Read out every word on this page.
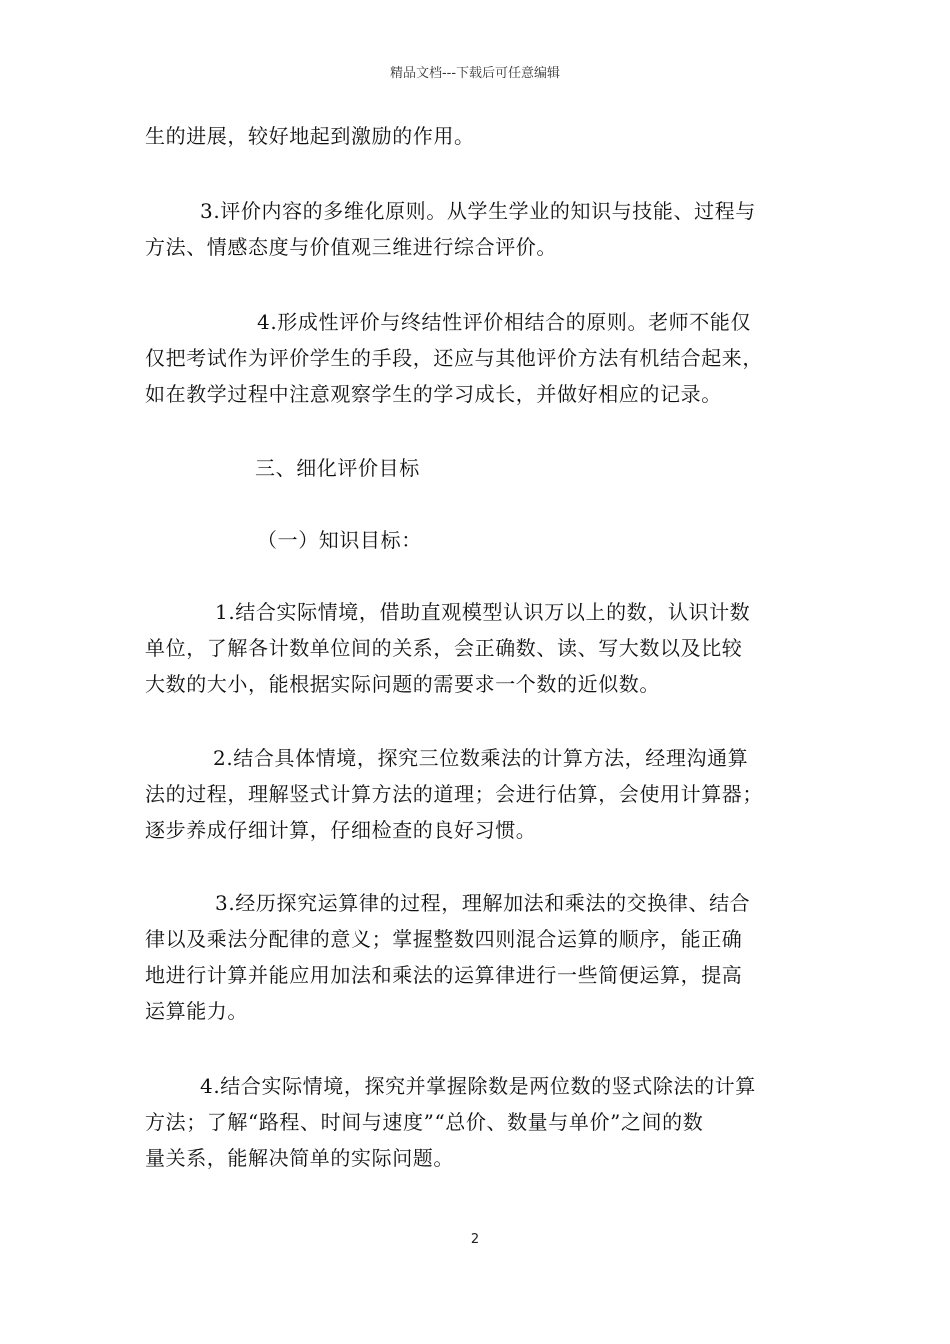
精品文档---下载后可任意编辑
生的进展，较好地起到激励的作用。
3.评价内容的多维化原则。从学生学业的知识与技能、过程与
方法、情感态度与价值观三维进行综合评价。
4.形成性评价与终结性评价相结合的原则。老师不能仅
仅把考试作为评价学生的手段，还应与其他评价方法有机结合起来，
如在教学过程中注意观察学生的学习成长，并做好相应的记录。
三、细化评价目标
（一）知识目标：
1.结合实际情境，借助直观模型认识万以上的数，认识计数
单位，了解各计数单位间的关系，会正确数、读、写大数以及比较
大数的大小，能根据实际问题的需要求一个数的近似数。
2.结合具体情境，探究三位数乘法的计算方法，经理沟通算
法的过程，理解竖式计算方法的道理；会进行估算，会使用计算器；
逐步养成仔细计算，仔细检查的良好习惯。
3.经历探究运算律的过程，理解加法和乘法的交换律、结合
律以及乘法分配律的意义；掌握整数四则混合运算的顺序，能正确
地进行计算并能应用加法和乘法的运算律进行一些简便运算，提高
运算能力。
4.结合实际情境，探究并掌握除数是两位数的竖式除法的计算
方法；了解“路程、时间与速度”“总价、数量与单价”之间的数
量关系，能解决简单的实际问题。
2
